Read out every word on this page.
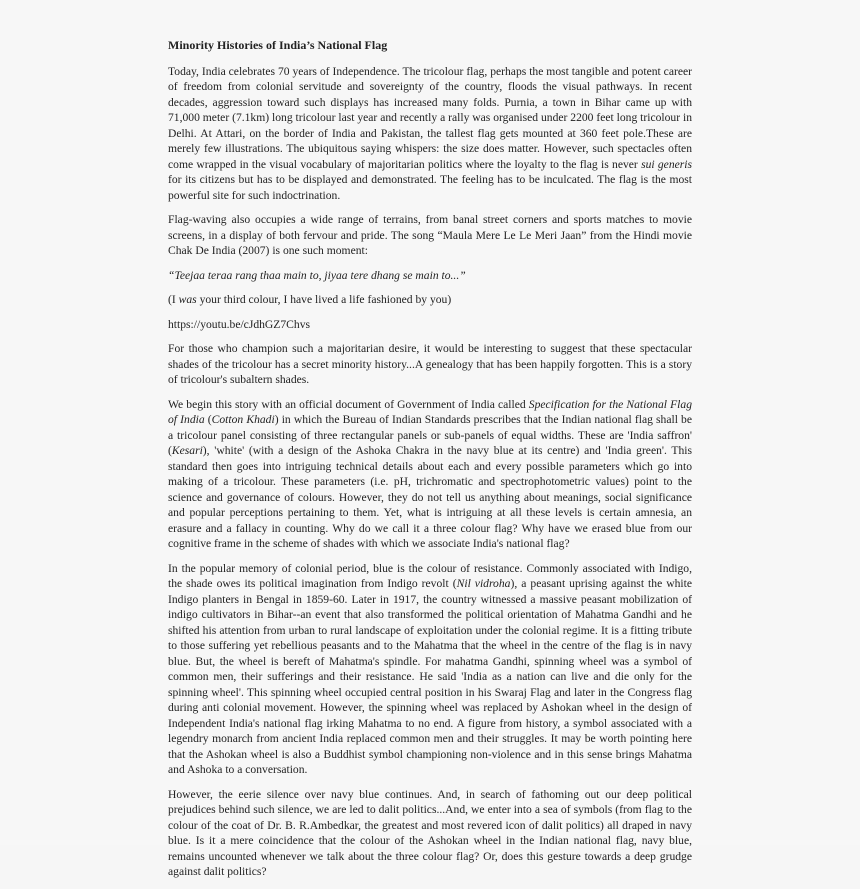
Minority Histories of India’s National Flag

Today, India celebrates 70 years of Independence. The tricolour flag, perhaps the most tangible and potent career of freedom from colonial servitude and sovereignty of the country, floods the visual pathways. In recent decades, aggression toward such displays has increased many folds. Purnia, a town in Bihar came up with 71,000 meter (7.1km) long tricolour last year and recently a rally was organised under 2200 feet long tricolour in Delhi. At Attari, on the border of India and Pakistan, the tallest flag gets mounted at 360 feet pole.These are merely few illustrations. The ubiquitous saying whispers: the size does matter. However, such spectacles often come wrapped in the visual vocabulary of majoritarian politics where the loyalty to the flag is never sui generis for its citizens but has to be displayed and demonstrated. The feeling has to be inculcated. The flag is the most powerful site for such indoctrination.

Flag-waving also occupies a wide range of terrains, from banal street corners and sports matches to movie screens, in a display of both fervour and pride. The song “Maula Mere Le Le Meri Jaan” from the Hindi movie Chak De India (2007) is one such moment:

“Teejaa teraa rang thaa main to, jiyaa tere dhang se main to...”

(I was your third colour, I have lived a life fashioned by you)

https://youtu.be/cJdhGZ7Chvs

For those who champion such a majoritarian desire, it would be interesting to suggest that these spectacular shades of the tricolour has a secret minority history...A genealogy that has been happily forgotten. This is a story of tricolour's subaltern shades.

We begin this story with an official document of Government of India called Specification for the National Flag of India (Cotton Khadi) in which the Bureau of Indian Standards prescribes that the Indian national flag shall be a tricolour panel consisting of three rectangular panels or sub-panels of equal widths. These are 'India saffron' (Kesari), 'white' (with a design of the Ashoka Chakra in the navy blue at its centre) and 'India green'. This standard then goes into intriguing technical details about each and every possible parameters which go into making of a tricolour. These parameters (i.e. pH, trichromatic and spectrophotometric values) point to the science and governance of colours. However, they do not tell us anything about meanings, social significance and popular perceptions pertaining to them. Yet, what is intriguing at all these levels is certain amnesia, an erasure and a fallacy in counting. Why do we call it a three colour flag? Why have we erased blue from our cognitive frame in the scheme of shades with which we associate India's national flag?

In the popular memory of colonial period, blue is the colour of resistance. Commonly associated with Indigo, the shade owes its political imagination from Indigo revolt (Nil vidroha), a peasant uprising against the white Indigo planters in Bengal in 1859-60. Later in 1917, the country witnessed a massive peasant mobilization of indigo cultivators in Bihar--an event that also transformed the political orientation of Mahatma Gandhi and he shifted his attention from urban to rural landscape of exploitation under the colonial regime. It is a fitting tribute to those suffering yet rebellious peasants and to the Mahatma that the wheel in the centre of the flag is in navy blue. But, the wheel is bereft of Mahatma's spindle. For mahatma Gandhi, spinning wheel was a symbol of common men, their sufferings and their resistance. He said 'India as a nation can live and die only for the spinning wheel'. This spinning wheel occupied central position in his Swaraj Flag and later in the Congress flag during anti colonial movement. However, the spinning wheel was replaced by Ashokan wheel in the design of Independent India's national flag irking Mahatma to no end. A figure from history, a symbol associated with a legendry monarch from ancient India replaced common men and their struggles. It may be worth pointing here that the Ashokan wheel is also a Buddhist symbol championing non-violence and in this sense brings Mahatma and Ashoka to a conversation.

However, the eerie silence over navy blue continues. And, in search of fathoming out our deep political prejudices behind such silence, we are led to dalit politics...And, we enter into a sea of symbols (from flag to the colour of the coat of Dr. B. R.Ambedkar, the greatest and most revered icon of dalit politics) all draped in navy blue. Is it a mere coincidence that the colour of the Ashokan wheel in the Indian national flag, navy blue, remains uncounted whenever we talk about the three colour flag? Or, does this gesture towards a deep grudge against dalit politics?
